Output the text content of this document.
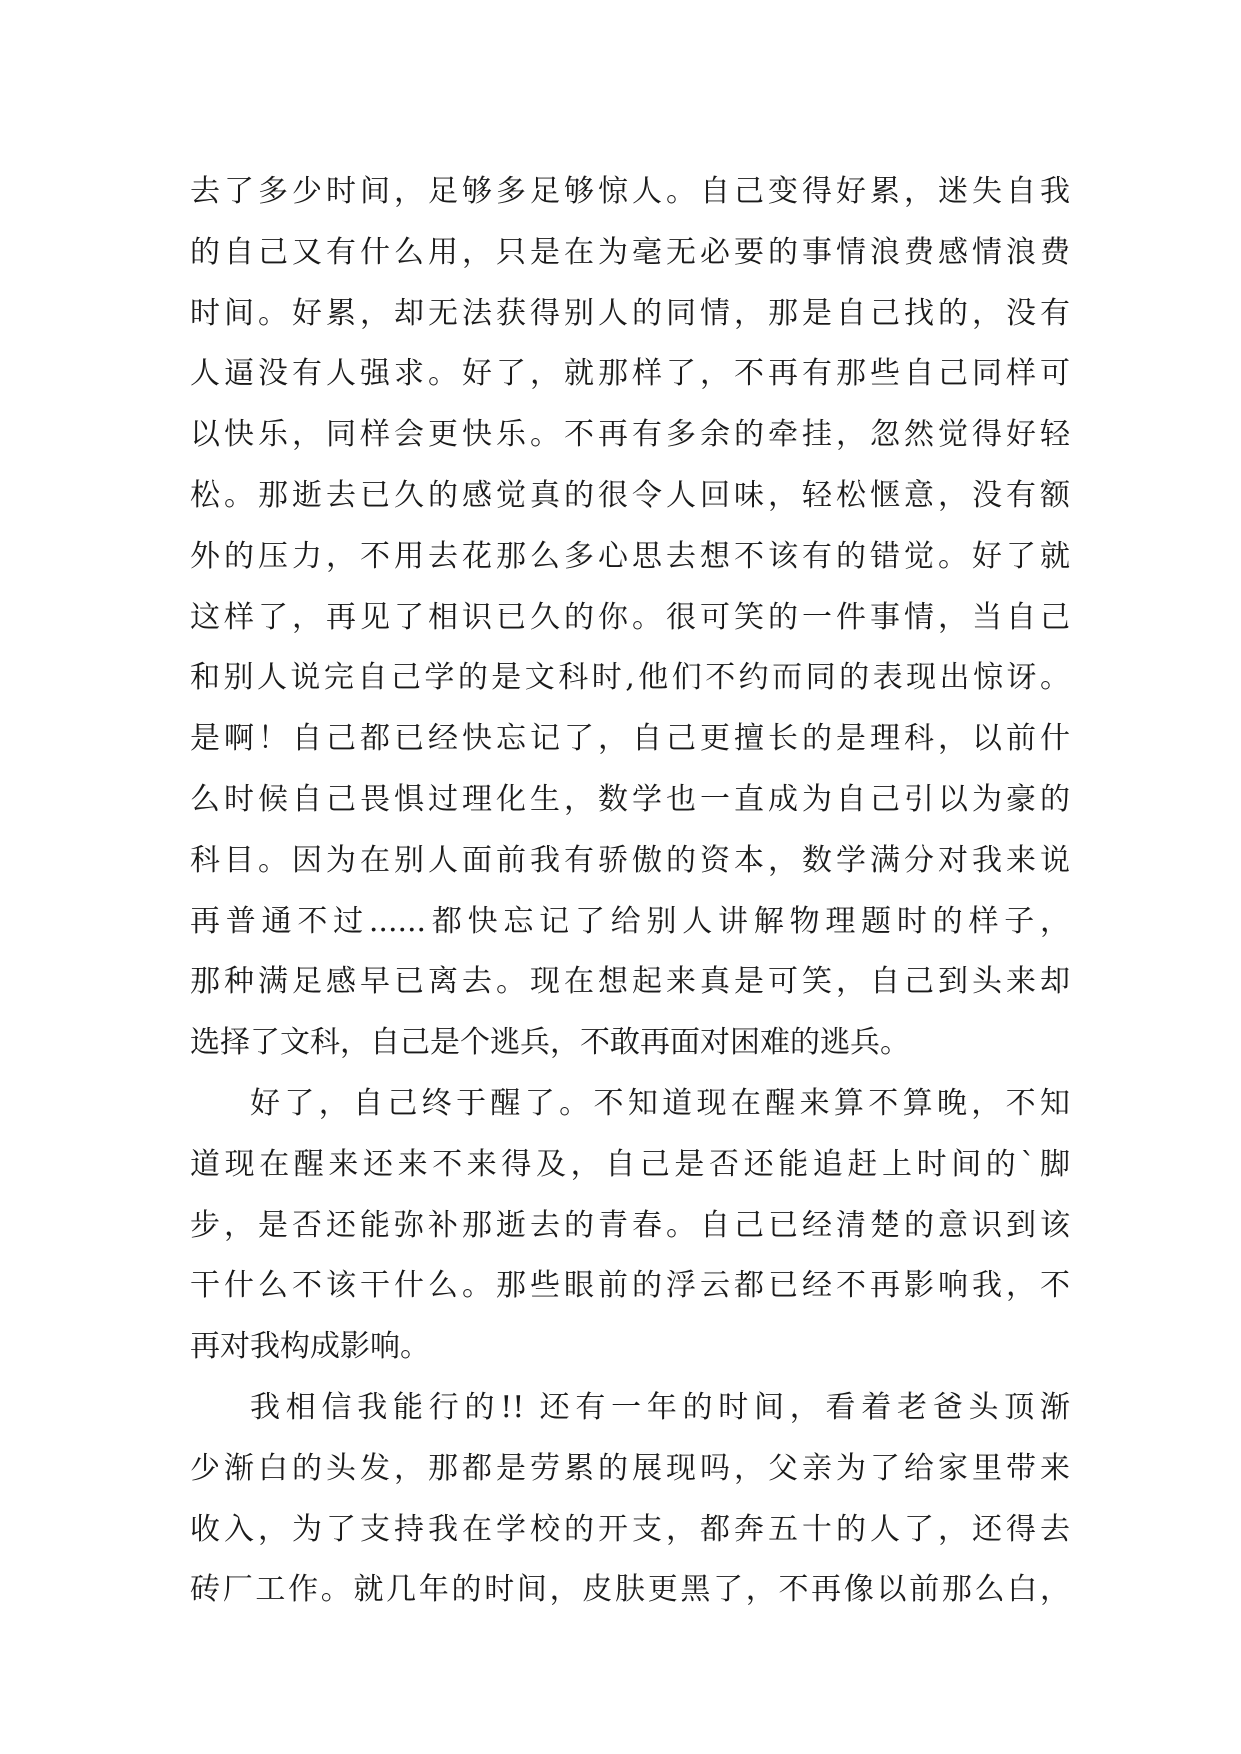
去了多少时间，足够多足够惊人。自己变得好累，迷失自我
的自己又有什么用，只是在为毫无必要的事情浪费感情浪费
时间。好累，却无法获得别人的同情，那是自己找的，没有
人逼没有人强求。好了，就那样了，不再有那些自己同样可
以快乐，同样会更快乐。不再有多余的牵挂，忽然觉得好轻
松。那逝去已久的感觉真的很令人回味，轻松惬意，没有额
外的压力，不用去花那么多心思去想不该有的错觉。好了就
这样了，再见了相识已久的你。很可笑的一件事情，当自己
和别人说完自己学的是文科时,他们不约而同的表现出惊讶。
是啊！自己都已经快忘记了，自己更擅长的是理科，以前什
么时候自己畏惧过理化生，数学也一直成为自己引以为豪的
科目。因为在别人面前我有骄傲的资本，数学满分对我来说
再普通不过......都快忘记了给别人讲解物理题时的样子，
那种满足感早已离去。现在想起来真是可笑，自己到头来却
选择了文科，自己是个逃兵，不敢再面对困难的逃兵。
好了，自己终于醒了。不知道现在醒来算不算晚，不知
道现在醒来还来不来得及，自己是否还能追赶上时间的`脚
步，是否还能弥补那逝去的青春。自己已经清楚的意识到该
干什么不该干什么。那些眼前的浮云都已经不再影响我，不
再对我构成影响。
我相信我能行的!! 还有一年的时间，看着老爸头顶渐
少渐白的头发，那都是劳累的展现吗，父亲为了给家里带来
收入，为了支持我在学校的开支，都奔五十的人了，还得去
砖厂工作。就几年的时间，皮肤更黑了，不再像以前那么白，
